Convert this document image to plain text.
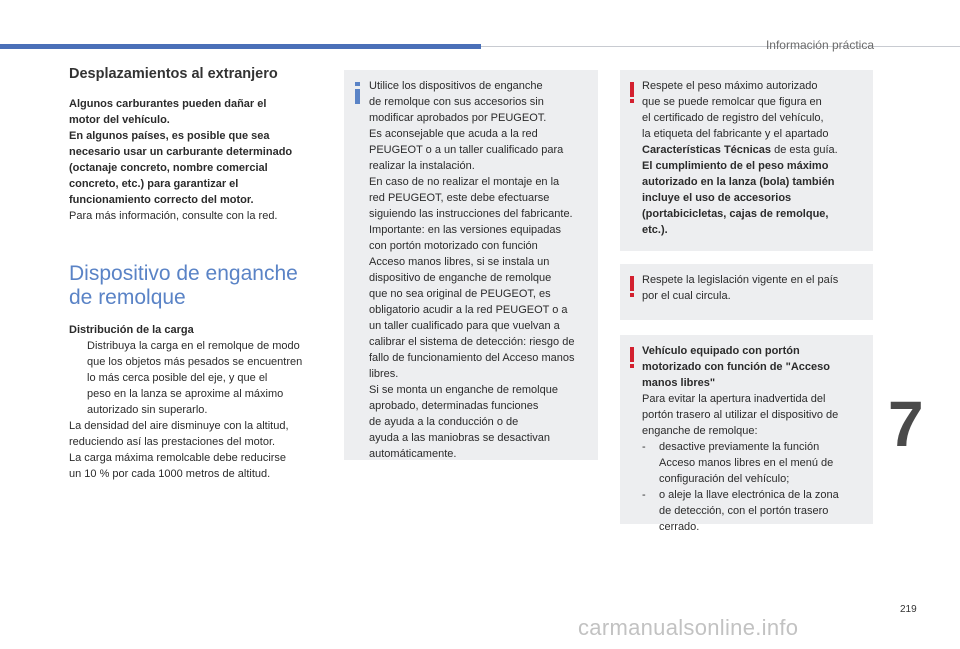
Información práctica
Desplazamientos al extranjero

Algunos carburantes pueden dañar el

motor del vehículo.

En algunos países, es posible que sea

necesario usar un carburante determinado

(octanaje concreto, nombre comercial

concreto, etc.) para garantizar el

funcionamiento correcto del motor.

Para más información, consulte con la red.

Dispositivo de enganche
de remolque

Distribución de la carga

Distribuya la carga en el remolque de modo
que los objetos más pesados se encuentren
lo más cerca posible del eje, y que el
peso en la lanza se aproxime al máximo
autorizado sin superarlo.

La densidad del aire disminuye con la altitud,
reduciendo así las prestaciones del motor.
La carga máxima remolcable debe reducirse
un 10 % por cada 1000 metros de altitud.

Utilice los dispositivos de enganche
de remolque con sus accesorios sin
modificar aprobados por PEUGEOT.
Es aconsejable que acuda a la red
PEUGEOT o a un taller cualificado para
realizar la instalación.
En caso de no realizar el montaje en la
red PEUGEOT, este debe efectuarse
siguiendo las instrucciones del fabricante.
Importante: en las versiones equipadas
con portón motorizado con función
Acceso manos libres, si se instala un
dispositivo de enganche de remolque
que no sea original de PEUGEOT, es
obligatorio acudir a la red PEUGEOT o a
un taller cualificado para que vuelvan a
calibrar el sistema de detección: riesgo de
fallo de funcionamiento del Acceso manos
libres.
Si se monta un enganche de remolque
aprobado, determinadas funciones
de ayuda a la conducción o de
ayuda a las maniobras se desactivan
automáticamente.
Respete el peso máximo autorizado
que se puede remolcar que figura en
el certificado de registro del vehículo,
la etiqueta del fabricante y el apartado
Características Técnicas de esta guía.
El cumplimiento de el peso máximo
autorizado en la lanza (bola) también
incluye el uso de accesorios
(portabicicletas, cajas de remolque,
etc.).
Respete la legislación vigente en el país
por el cual circula.
Vehículo equipado con portón
motorizado con función de "Acceso
manos libres"
Para evitar la apertura inadvertida del
portón trasero al utilizar el dispositivo de
enganche de remolque:
-	desactive previamente la función
Acceso manos libres en el menú de
configuración del vehículo;
-	o aleje la llave electrónica de la zona
de detección, con el portón trasero
cerrado.
7
219
carmanualsonline.info
